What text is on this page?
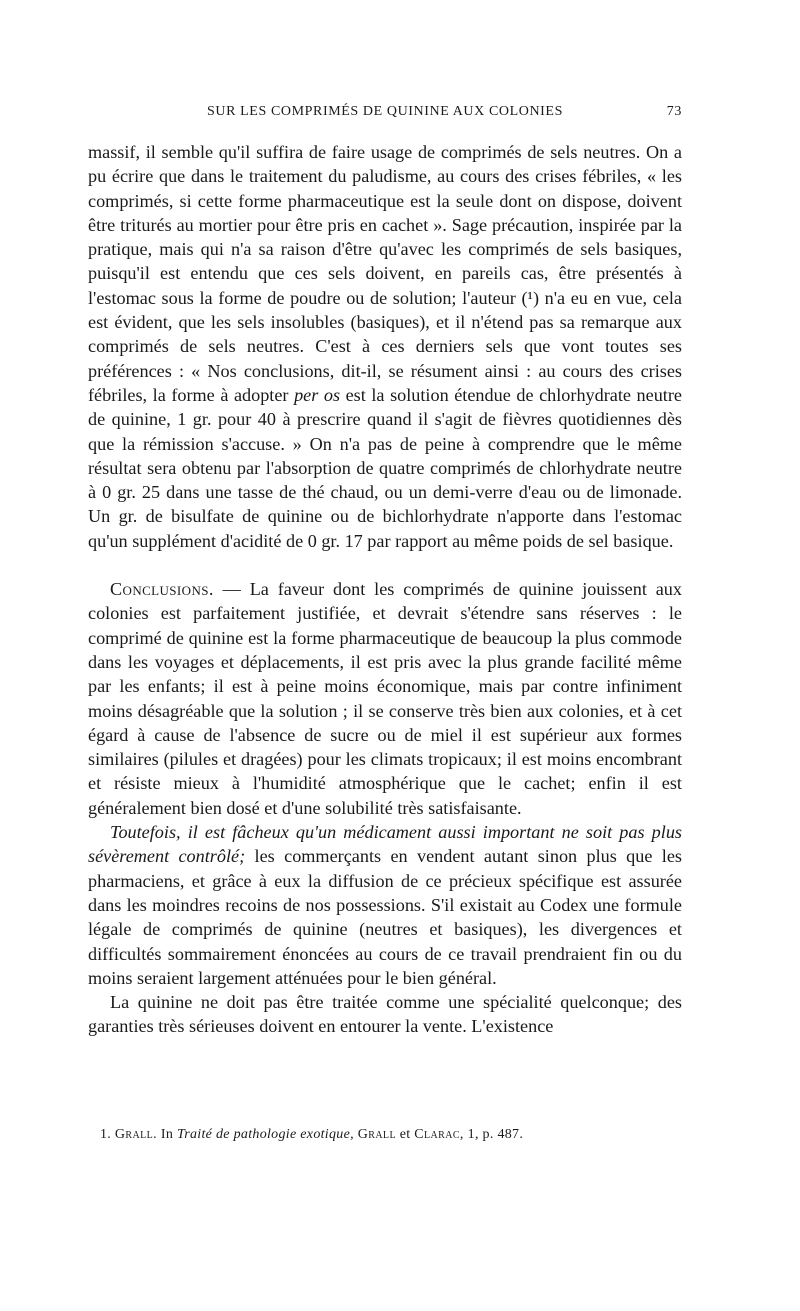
SUR LES COMPRIMÉS DE QUININE AUX COLONIES	73

massif, il semble qu'il suffira de faire usage de comprimés de sels neutres. On a pu écrire que dans le traitement du paludisme, au cours des crises fébriles, « les comprimés, si cette forme pharmaceutique est la seule dont on dispose, doivent être triturés au mortier pour être pris en cachet ». Sage précaution, inspirée par la pratique, mais qui n'a sa raison d'être qu'avec les comprimés de sels basiques, puisqu'il est entendu que ces sels doivent, en pareils cas, être présentés à l'estomac sous la forme de poudre ou de solution; l'auteur (¹) n'a eu en vue, cela est évident, que les sels insolubles (basiques), et il n'étend pas sa remarque aux comprimés de sels neutres. C'est à ces derniers sels que vont toutes ses préférences : « Nos conclusions, dit-il, se résument ainsi : au cours des crises fébriles, la forme à adopter per os est la solution étendue de chlorhydrate neutre de quinine, 1 gr. pour 40 à prescrire quand il s'agit de fièvres quotidiennes dès que la rémission s'accuse. » On n'a pas de peine à comprendre que le même résultat sera obtenu par l'absorption de quatre comprimés de chlorhydrate neutre à 0 gr. 25 dans une tasse de thé chaud, ou un demi-verre d'eau ou de limonade. Un gr. de bisulfate de quinine ou de bichlorhydrate n'apporte dans l'estomac qu'un supplément d'acidité de 0 gr. 17 par rapport au même poids de sel basique.

Conclusions. — La faveur dont les comprimés de quinine jouissent aux colonies est parfaitement justifiée, et devrait s'étendre sans réserves : le comprimé de quinine est la forme pharmaceutique de beaucoup la plus commode dans les voyages et déplacements, il est pris avec la plus grande facilité même par les enfants; il est à peine moins économique, mais par contre infiniment moins désagréable que la solution ; il se conserve très bien aux colonies, et à cet égard à cause de l'absence de sucre ou de miel il est supérieur aux formes similaires (pilules et dragées) pour les climats tropicaux; il est moins encombrant et résiste mieux à l'humidité atmosphérique que le cachet; enfin il est généralement bien dosé et d'une solubilité très satisfaisante.

Toutefois, il est fâcheux qu'un médicament aussi important ne soit pas plus sévèrement contrôlé; les commerçants en vendent autant sinon plus que les pharmaciens, et grâce à eux la diffusion de ce précieux spécifique est assurée dans les moindres recoins de nos possessions. S'il existait au Codex une formule légale de comprimés de quinine (neutres et basiques), les divergences et difficultés sommairement énoncées au cours de ce travail prendraient fin ou du moins seraient largement atténuées pour le bien général.

La quinine ne doit pas être traitée comme une spécialité quelconque; des garanties très sérieuses doivent en entourer la vente. L'existence

1. Grall. In Traité de pathologie exotique, Grall et Clarac, 1, p. 487.
